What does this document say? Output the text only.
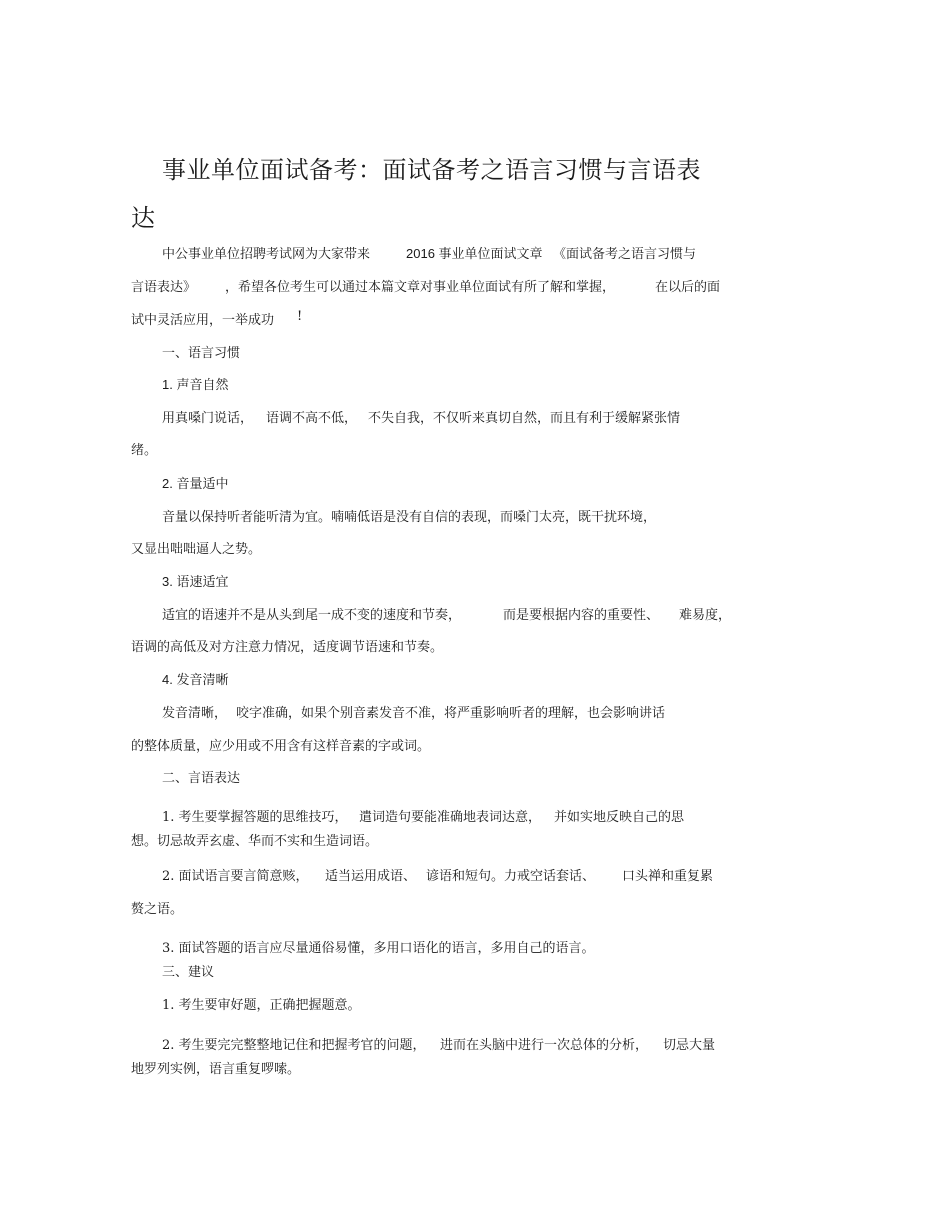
事业单位面试备考：面试备考之语言习惯与言语表
达
中公事业单位招聘考试网为大家带来	2016 事业单位面试文章 《面试备考之语言习惯与
言语表达》 ，希望各位考生可以通过本篇文章对事业单位面试有所了解和掌握，	在以后的面
试中灵活应用，一举成功 !
一、语言习惯
1. 声音自然
用真嗓门说话， 语调不高不低， 不失自我，不仅听来真切自然，而且有利于缓解紧张情
绪。
2. 音量适中
音量以保持听者能听清为宜。喃喃低语是没有自信的表现，而嗓门太亮，既干扰环境，
又显出咄咄逼人之势。
3. 语速适宜
适宜的语速并不是从头到尾一成不变的速度和节奏，	而是要根据内容的重要性、 难易度，
语调的高低及对方注意力情况，适度调节语速和节奏。
4. 发音清晰
发音清晰， 咬字准确，如果个别音素发音不准，将严重影响听者的理解，也会影响讲话
的整体质量，应少用或不用含有这样音素的字或词。
二、言语表达
1. 考生要掌握答题的思维技巧， 遣词造句要能准确地表词达意， 并如实地反映自己的思
想。切忌故弄玄虚、华而不实和生造词语。
2. 面试语言要言简意赅， 适当运用成语、 谚语和短句。力戒空话套话、 口头禅和重复累
赘之语。
3. 面试答题的语言应尽量通俗易懂，多用口语化的语言，多用自己的语言。
三、建议
1. 考生要审好题，正确把握题意。
2. 考生要完完整整地记住和把握考官的问题， 进而在头脑中进行一次总体的分析， 切忌大量
地罗列实例，语言重复啰嗦。
